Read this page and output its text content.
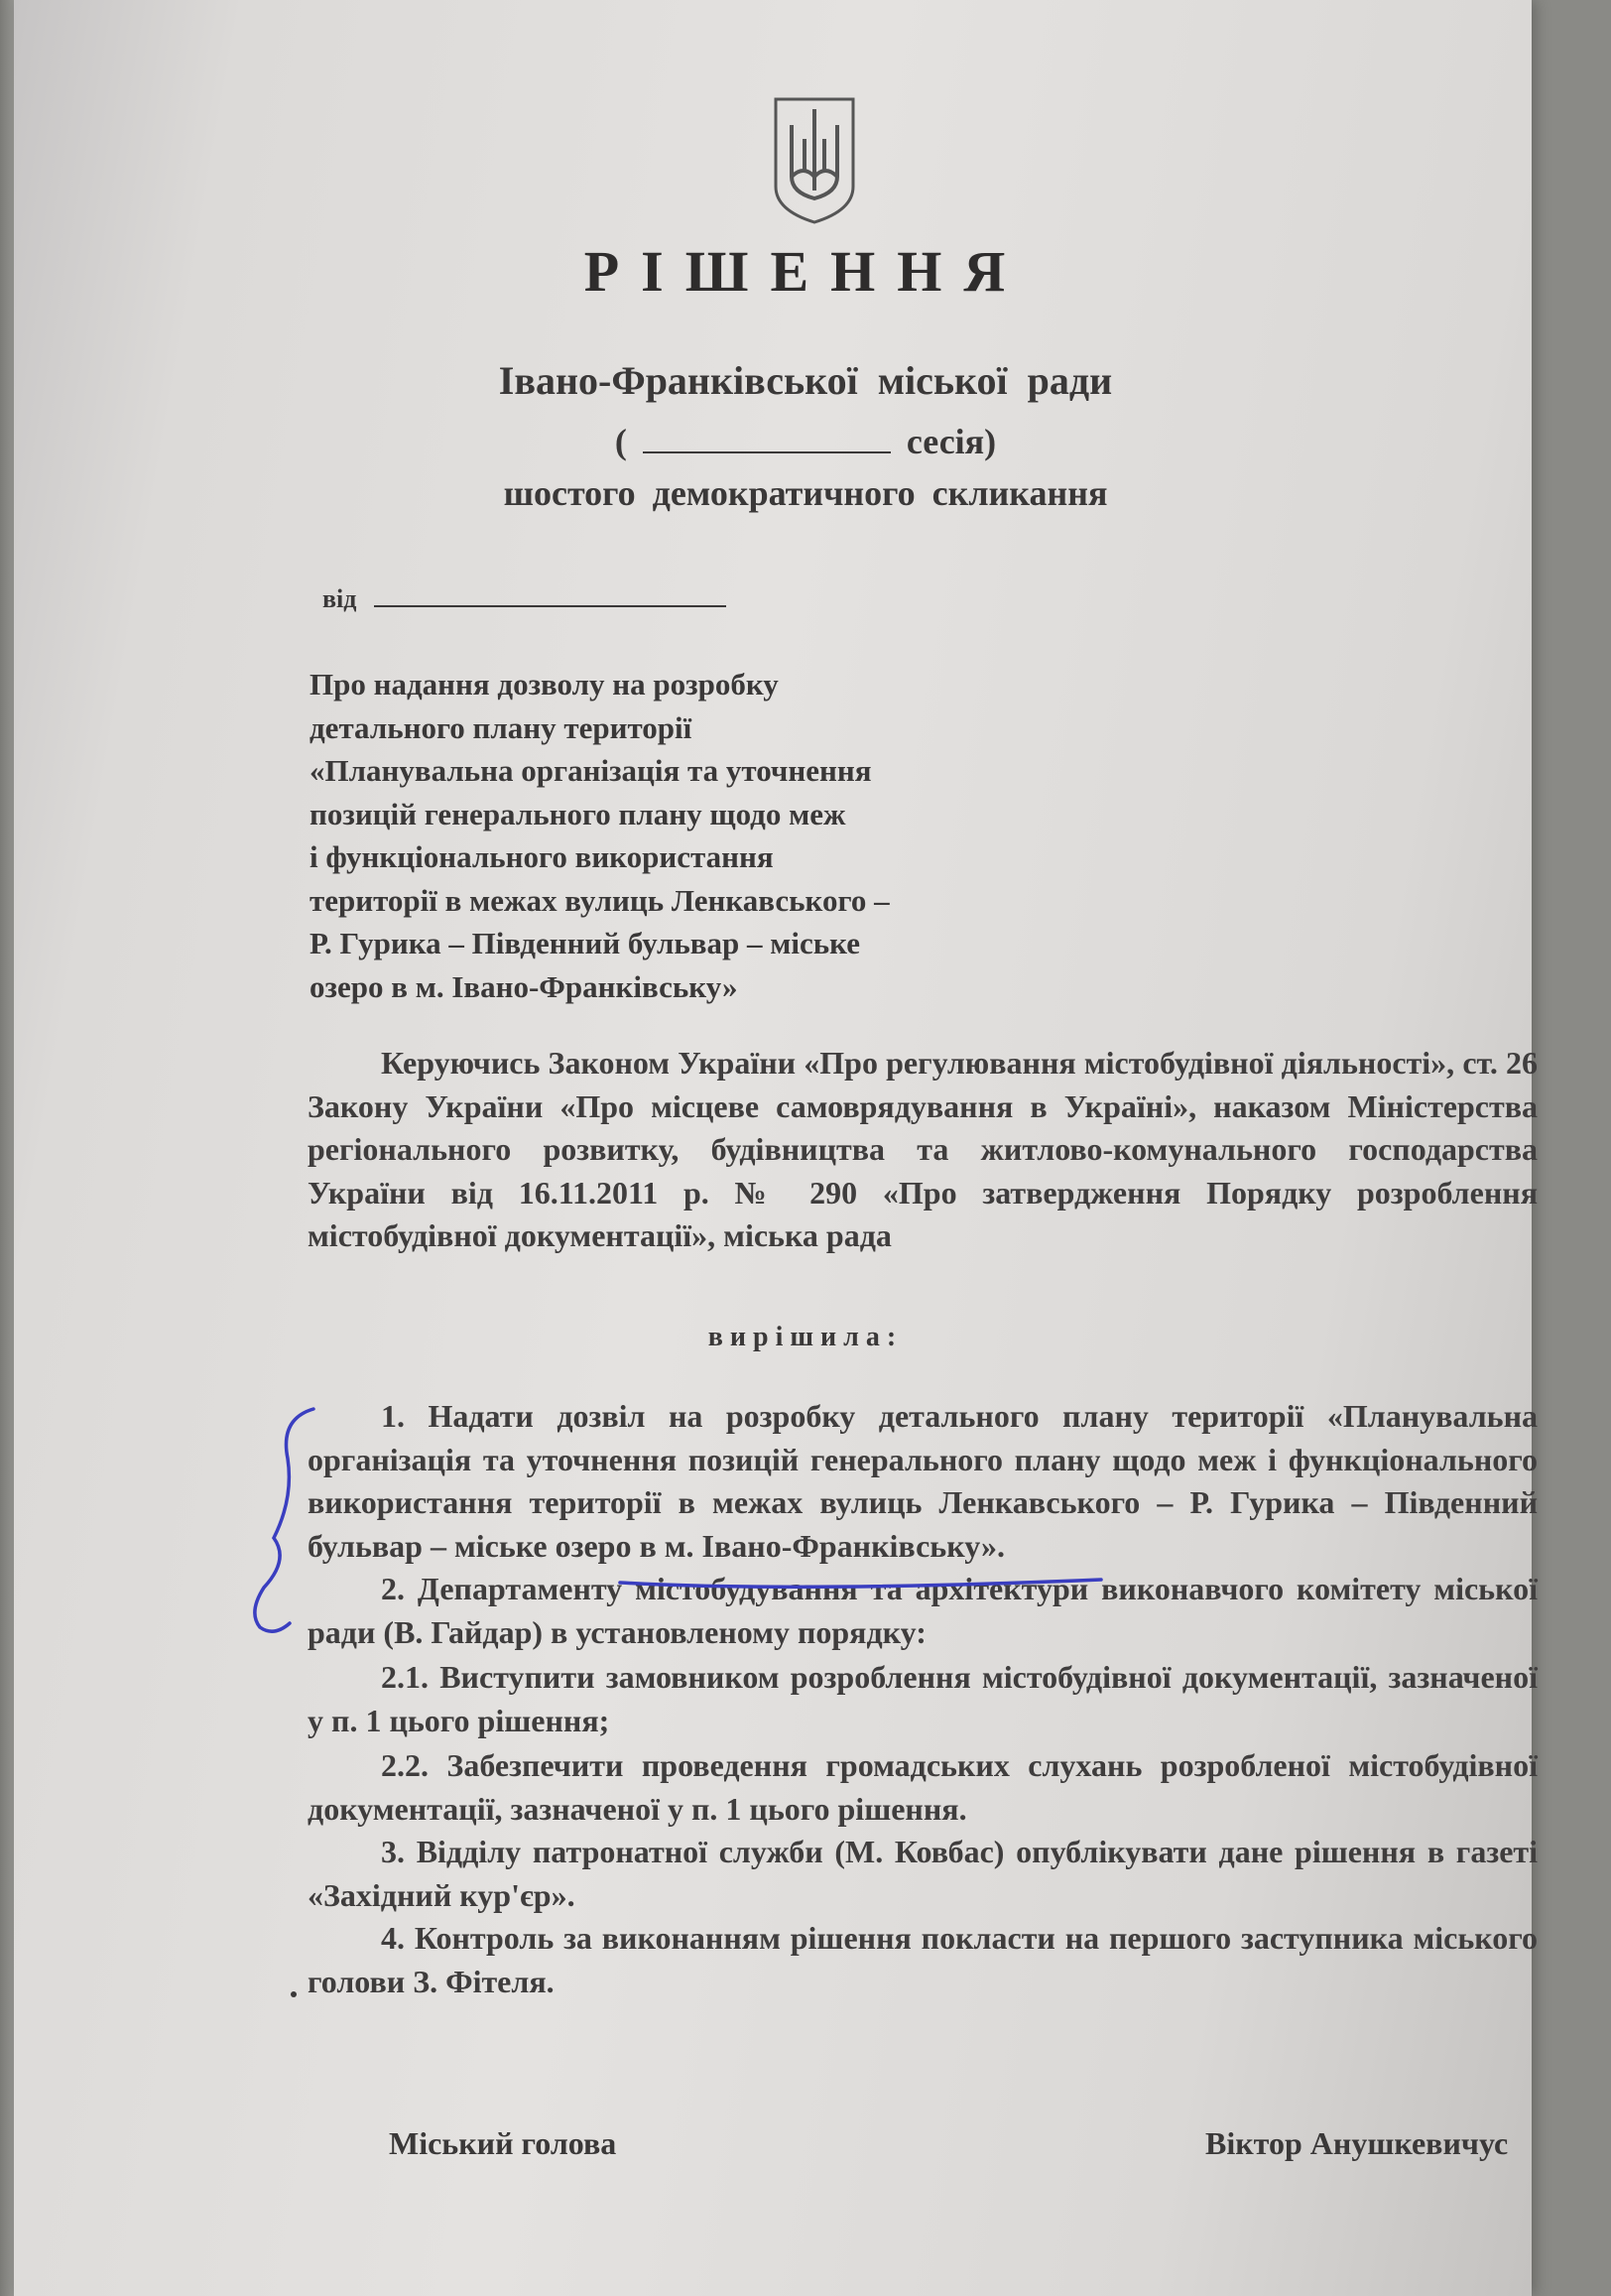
РІШЕННЯ
Івано-Франківської міської ради
(	сесія)
шостого демократичного скликання
від
Про надання дозволу на розробку
детального плану території
«Планувальна організація та уточнення
позицій генерального плану щодо меж
і функціонального використання
території в межах вулиць Ленкавського –
Р. Гурика – Південний бульвар – міське
озеро в м. Івано-Франківську»
Керуючись Законом України «Про регулювання містобудівної діяльності», ст. 26 Закону України «Про місцеве самоврядування в Україні», наказом Міністерства регіонального розвитку, будівництва та житлово-комунального господарства України від 16.11.2011 р. № 290 «Про затвердження Порядку розроблення містобудівної документації», міська рада
вирішила:

1. Надати дозвіл на розробку детального плану території «Планувальна організація та уточнення позицій генерального плану щодо меж і функціонального використання території в межах вулиць Ленкавського – Р. Гурика – Південний бульвар – міське озеро в м. Івано-Франківську».

2. Департаменту містобудування та архітектури виконавчого комітету міської ради (В. Гайдар) в установленому порядку:

2.1. Виступити замовником розроблення містобудівної документації, зазначеної у п. 1 цього рішення;

2.2. Забезпечити проведення громадських слухань розробленої містобудівної документації, зазначеної у п. 1 цього рішення.

3. Відділу патронатної служби (М. Ковбас) опублікувати дане рішення в газеті «Західний кур'єр».

4. Контроль за виконанням рішення покласти на першого заступника міського голови З. Фітеля.

Міський голова	Віктор Анушкевичус
